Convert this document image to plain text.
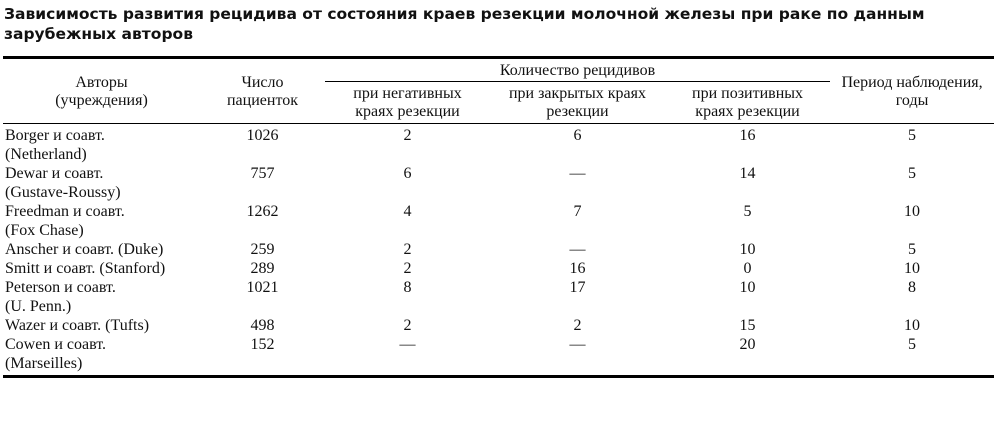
Зависимость развития рецидива от состояния краев резекции молочной железы при раке по данным зарубежных авторов
Авторы (учреждения)	Число пациенток	Количество рецидивов			Период наблюдения, годы

		при негативных краях резекции	при закрытых краях резекции	при позитивных краях резекции	

Borger и соавт. (Netherland)	1026	2	6	16	5

Dewar и соавт. (Gustave-Roussy)	757	6	—	14	5

Freedman и соавт. (Fox Chase)	1262	4	7	5	10

Anscher и соавт. (Duke)	259	2	—	10	5

Smitt и соавт. (Stanford)	289	2	16	0	10

Peterson и соавт. (U. Penn.)	1021	8	17	10	8

Wazer и соавт. (Tufts)	498	2	2	15	10

Cowen и соавт. (Marseilles)	152	—	—	20	5
